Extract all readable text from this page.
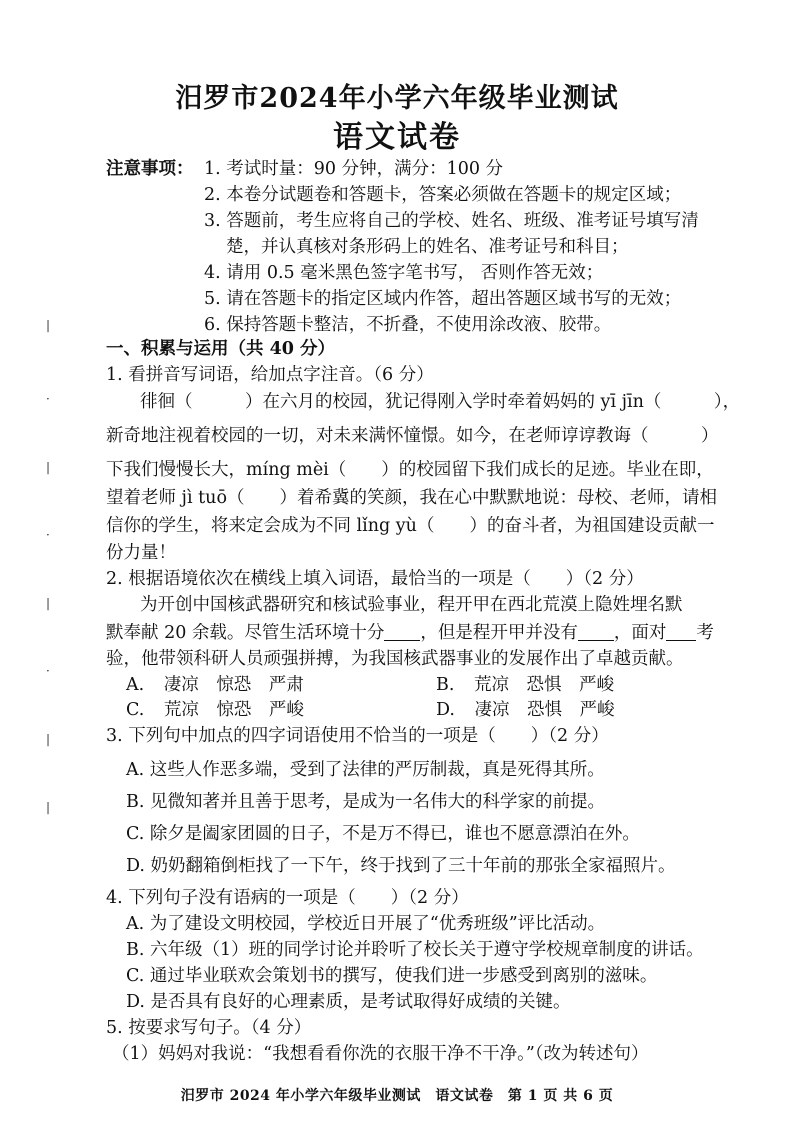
汨罗市2024年小学六年级毕业测试
语文试卷
注意事项： 1. 考试时量：90 分钟，满分：100 分
2. 本卷分试题卷和答题卡，答案必须做在答题卡的规定区域；
3. 答题前，考生应将自己的学校、姓名、班级、准考证号填写清
楚，并认真核对条形码上的姓名、准考证号和科目；
4. 请用 0.5 毫米黑色签字笔书写， 否则作答无效；
5. 请在答题卡的指定区域内作答，超出答题区域书写的无效；
6. 保持答题卡整洁，不折叠，不使用涂改液、胶带。
一、积累与运用（共 40 分）
1. 看拼音写词语，给加点字注音。（6 分）
徘徊（　　　）在六月的校园，犹记得刚入学时牵着妈妈的 yī jīn（　　　），
新奇地注视着校园的一切，对未来满怀憧憬。如今，在老师谆谆教诲（　　　）
下我们慢慢长大，míng mèi（　　）的校园留下我们成长的足迹。毕业在即，
望着老师 jì tuō（　　）着希冀的笑颜，我在心中默默地说：母校、老师，请相
信你的学生，将来定会成为不同 lǐng yù（　　）的奋斗者，为祖国建设贡献一
份力量！
2. 根据语境依次在横线上填入词语，最恰当的一项是（　　）（2 分）
为开创中国核武器研究和核试验事业，程开甲在西北荒漠上隐姓埋名默
默奉献 20 余载。尽管生活环境十分 ，但是程开甲并没有 ，面对 考
验，他带领科研人员顽强拼搏，为我国核武器事业的发展作出了卓越贡献。
A. 凄凉　惊恐　严肃	B. 荒凉　恐惧　严峻
C. 荒凉　惊恐　严峻	D. 凄凉　恐惧　严峻
3. 下列句中加点的四字词语使用不恰当的一项是（　　）（2 分）
A. 这些人作恶多端，受到了法律的严厉制裁，真是死得其所。
B. 见微知著并且善于思考，是成为一名伟大的科学家的前提。
C. 除夕是阖家团圆的日子，不是万不得已，谁也不愿意漂泊在外。
D. 奶奶翻箱倒柜找了一下午，终于找到了三十年前的那张全家福照片。
4. 下列句子没有语病的一项是（　　）（2 分）
A. 为了建设文明校园，学校近日开展了“优秀班级”评比活动。
B. 六年级（1）班的同学讨论并聆听了校长关于遵守学校规章制度的讲话。
C. 通过毕业联欢会策划书的撰写，使我们进一步感受到离别的滋味。
D. 是否具有良好的心理素质，是考试取得好成绩的关键。
5. 按要求写句子。（4 分）
（1）妈妈对我说：“我想看看你洗的衣服干净不干净。”（改为转述句）
汨罗市 2024 年小学六年级毕业测试　语文试卷　第 1 页 共 6 页
|
·
|
·
|
·
|
|
